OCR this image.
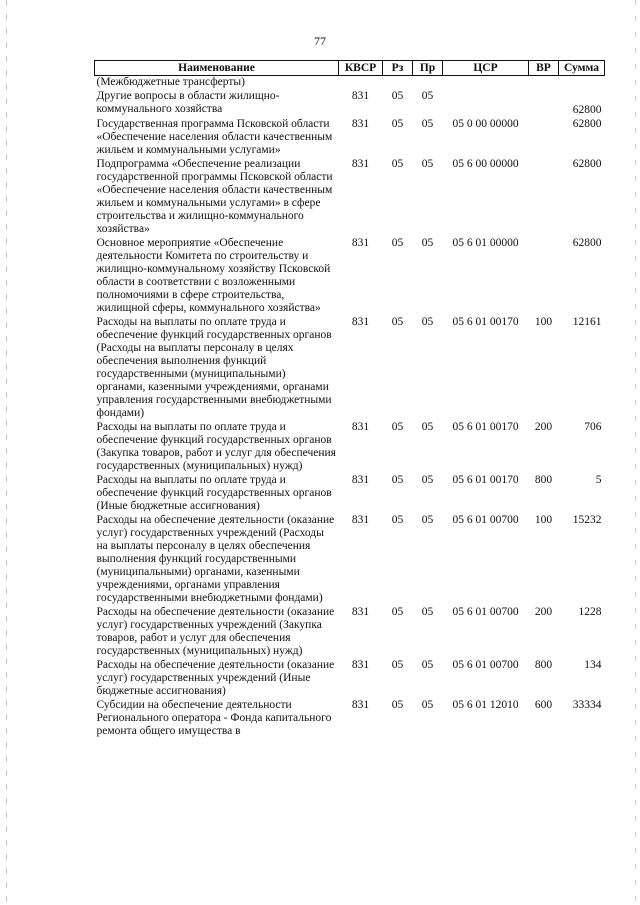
77
Наименование	КВСР	Рз	Пр	ЦСР	ВР	Сумма
(Межбюджетные трансферты)						
Другие вопросы в области жилищно-коммунального хозяйства	831	05	05			62800

Государственная программа Псковской области «Обеспечение населения области качественным жильем и коммунальными услугами»	831	05	05	05 0 00 00000		62800
Подпрограмма «Обеспечение реализации государственной программы Псковской области «Обеспечение населения области качественным жильем и коммунальными услугами» в сфере строительства и жилищно-коммунального хозяйства»	831	05	05	05 6 00 00000		62800
Основное мероприятие «Обеспечение деятельности Комитета по строительству и жилищно-коммунальному хозяйству Псковской области в соответствии с возложенными полномочиями в сфере строительства, жилищной сферы, коммунального хозяйства»	831	05	05	05 6 01 00000		62800
Расходы на выплаты по оплате труда и обеспечение функций государственных органов (Расходы на выплаты персоналу в целях обеспечения выполнения функций государственными (муниципальными) органами, казенными учреждениями, органами управления государственными внебюджетными фондами)	831	05	05	05 6 01 00170	100	12161
Расходы на выплаты по оплате труда и обеспечение функций государственных органов (Закупка товаров, работ и услуг для обеспечения государственных (муниципальных) нужд)	831	05	05	05 6 01 00170	200	706
Расходы на выплаты по оплате труда и обеспечение функций государственных органов (Иные бюджетные ассигнования)	831	05	05	05 6 01 00170	800	5
Расходы на обеспечение деятельности (оказание услуг) государственных учреждений (Расходы на выплаты персоналу в целях обеспечения выполнения функций государственными (муниципальными) органами, казенными учреждениями, органами управления государственными внебюджетными фондами)	831	05	05	05 6 01 00700	100	15232
Расходы на обеспечение деятельности (оказание услуг) государственных учреждений (Закупка товаров, работ и услуг для обеспечения государственных (муниципальных) нужд)	831	05	05	05 6 01 00700	200	1228
Расходы на обеспечение деятельности (оказание услуг) государственных учреждений (Иные бюджетные ассигнования)	831	05	05	05 6 01 00700	800	134
Субсидии на обеспечение деятельности Регионального оператора - Фонда капитального ремонта общего имущества в	831	05	05	05 6 01 12010	600	33334
